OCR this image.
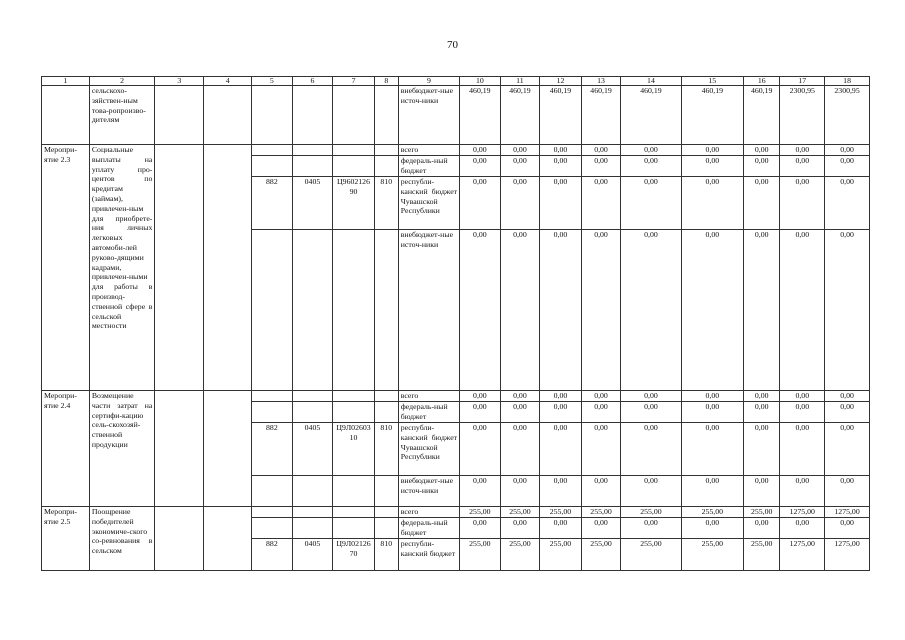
70
1	2	3	4	5	6	7	8	9	10	11	12	13	14	15	16	17	18
	сельскохо-зяйствен-ным това-ропроизво-дителям							внебюджет-ные источ-ники	460,19	460,19	460,19	460,19	460,19	460,19	460,19	2300,95	2300,95
Меропри-ятие 2.3	Социальные выплаты на уплату про-центов по кредитам (займам), привлечен-ным для приобрете-ния личных легковых автомоби-лей руково-дящими кадрами, привлечен-ными для работы в производ-ственной сфере в сельской местности							всего	0,00	0,00	0,00	0,00	0,00	0,00	0,00	0,00	0,00
								федераль-ный бюджет	0,00	0,00	0,00	0,00	0,00	0,00	0,00	0,00	0,00
				882	0405	Ц960212690	810	республи-канский бюджет Чувашской Республики	0,00	0,00	0,00	0,00	0,00	0,00	0,00	0,00	0,00
								внебюджет-ные источ-ники	0,00	0,00	0,00	0,00	0,00	0,00	0,00	0,00	0,00
Меропри-ятие 2.4	Возмещение части затрат на сертифи-кацию сель-скохозяй-ственной продукции							всего	0,00	0,00	0,00	0,00	0,00	0,00	0,00	0,00	0,00
								федераль-ный бюджет	0,00	0,00	0,00	0,00	0,00	0,00	0,00	0,00	0,00
				882	0405	Ц9Л0260310	810	республи-канский бюджет Чувашской Республики	0,00	0,00	0,00	0,00	0,00	0,00	0,00	0,00	0,00
								внебюджет-ные источ-ники	0,00	0,00	0,00	0,00	0,00	0,00	0,00	0,00	0,00
Меропри-ятие 2.5	Поощрение победителей экономиче-ского со-ревнования в сельском							всего	255,00	255,00	255,00	255,00	255,00	255,00	255,00	1275,00	1275,00
								федераль-ный бюджет	0,00	0,00	0,00	0,00	0,00	0,00	0,00	0,00	0,00
				882	0405	Ц9Л0212670	810	республи-канский бюджет	255,00	255,00	255,00	255,00	255,00	255,00	255,00	1275,00	1275,00
